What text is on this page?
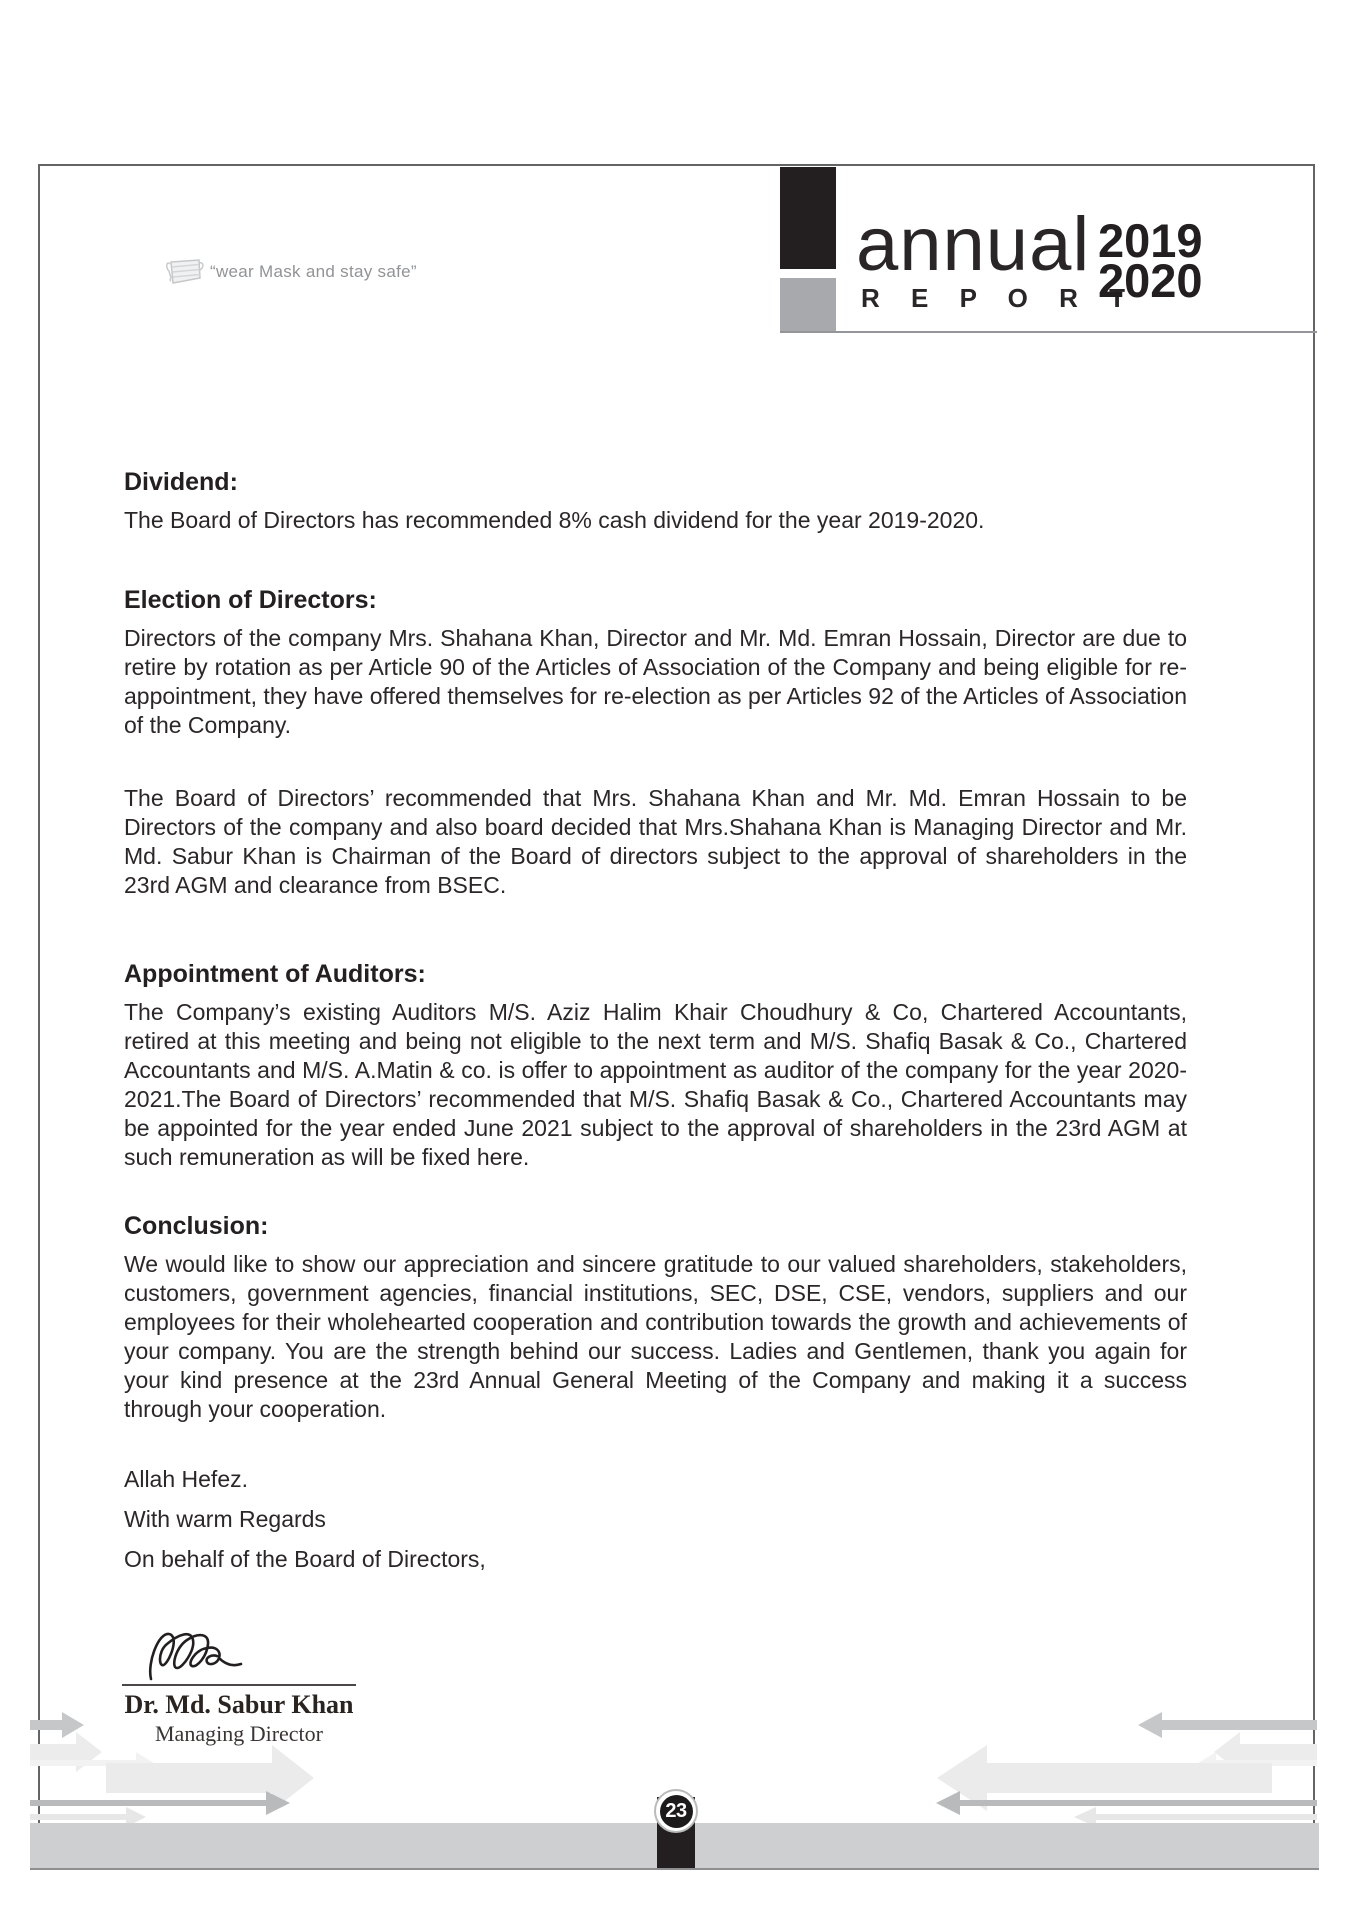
“wear Mask and stay safe”	annual
R E P O R T
2019
2020
Dividend:
The Board of Directors has recommended 8% cash dividend for the year 2019-2020.
Election of Directors:
Directors of the company Mrs. Shahana Khan, Director and Mr. Md. Emran Hossain, Director are due to retire by rotation as per Article 90 of the Articles of Association of the Company and being eligible for re-appointment, they have offered themselves for re-election as per Articles 92 of the Articles of Association of the Company.
The Board of Directors’ recommended that Mrs. Shahana Khan and Mr. Md. Emran Hossain to be Directors of the company and also board decided that Mrs.Shahana Khan is Managing Director and Mr. Md. Sabur Khan is Chairman of the Board of directors subject to the approval of shareholders in the 23rd AGM and clearance from BSEC.
Appointment of Auditors:
The Company’s existing Auditors M/S. Aziz Halim Khair Choudhury & Co, Chartered Accountants, retired at this meeting and being not eligible to the next term and M/S. Shafiq Basak & Co., Chartered Accountants and M/S. A.Matin & co. is offer to appointment as auditor of the company for the year 2020-2021.The Board of Directors’ recommended that M/S. Shafiq Basak & Co., Chartered Accountants may be appointed for the year ended June 2021 subject to the approval of shareholders in the 23rd AGM at such remuneration as will be fixed here.
Conclusion:
We would like to show our appreciation and sincere gratitude to our valued shareholders, stakeholders, customers, government agencies, financial institutions, SEC, DSE, CSE, vendors, suppliers and our employees for their wholehearted cooperation and contribution towards the growth and achievements of your company. You are the strength behind our success. Ladies and Gentlemen, thank you again for your kind presence at the 23rd Annual General Meeting of the Company and making it a success through your cooperation.
Allah Hefez.
With warm Regards
On behalf of the Board of Directors,
Dr. Md. Sabur Khan
Managing Director
23
